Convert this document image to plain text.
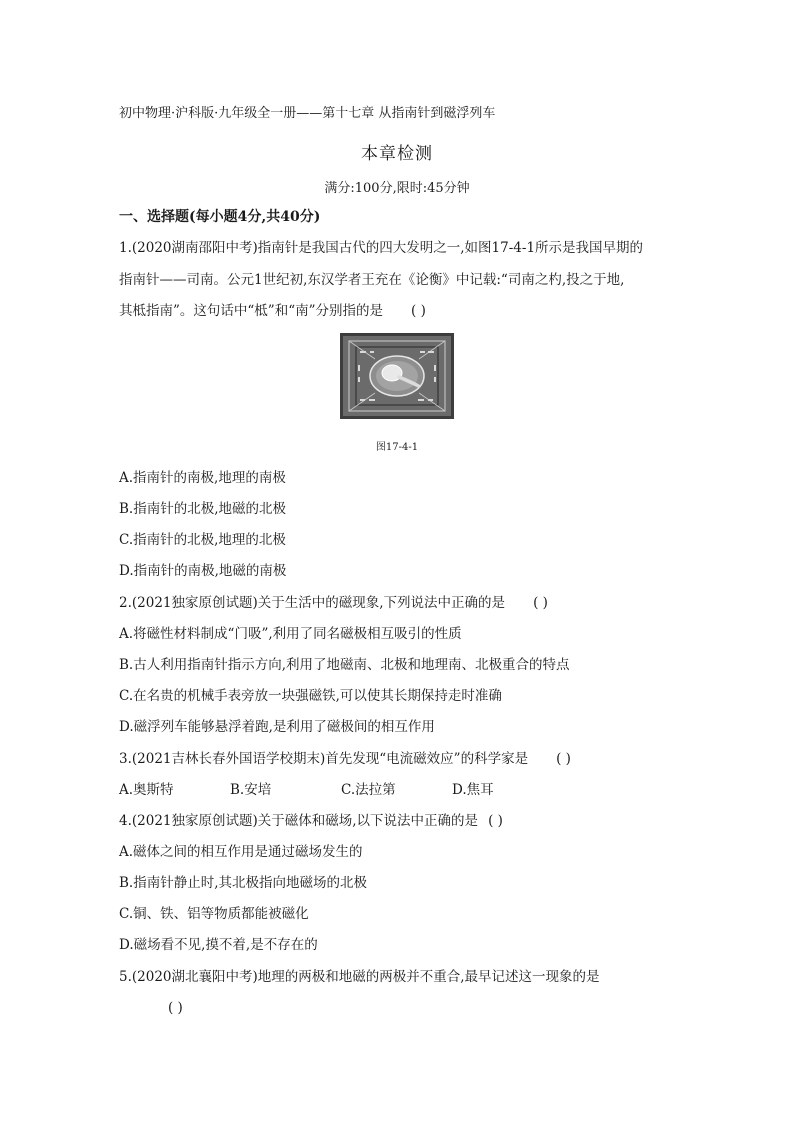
初中物理·沪科版·九年级全一册——第十七章 从指南针到磁浮列车
本章检测
满分:100分,限时:45分钟
一、选择题(每小题4分,共40分)
1.(2020湖南邵阳中考)指南针是我国古代的四大发明之一,如图17-4-1所示是我国早期的
指南针——司南。公元1世纪初,东汉学者王充在《论衡》中记载:“司南之杓,投之于地,
其柢指南”。这句话中“柢”和“南”分别指的是 ( )
图17-4-1
A.指南针的南极,地理的南极
B.指南针的北极,地磁的北极
C.指南针的北极,地理的北极
D.指南针的南极,地磁的南极
2.(2021独家原创试题)关于生活中的磁现象,下列说法中正确的是 ( )
A.将磁性材料制成“门吸”,利用了同名磁极相互吸引的性质
B.古人利用指南针指示方向,利用了地磁南、北极和地理南、北极重合的特点
C.在名贵的机械手表旁放一块强磁铁,可以使其长期保持走时准确
D.磁浮列车能够悬浮着跑,是利用了磁极间的相互作用
3.(2021吉林长春外国语学校期末)首先发现“电流磁效应”的科学家是 ( )
A.奥斯特	B.安培	C.法拉第	D.焦耳
4.(2021独家原创试题)关于磁体和磁场,以下说法中正确的是 ( )
A.磁体之间的相互作用是通过磁场发生的
B.指南针静止时,其北极指向地磁场的北极
C.铜、铁、铝等物质都能被磁化
D.磁场看不见,摸不着,是不存在的
5.(2020湖北襄阳中考)地理的两极和地磁的两极并不重合,最早记述这一现象的是
( )
